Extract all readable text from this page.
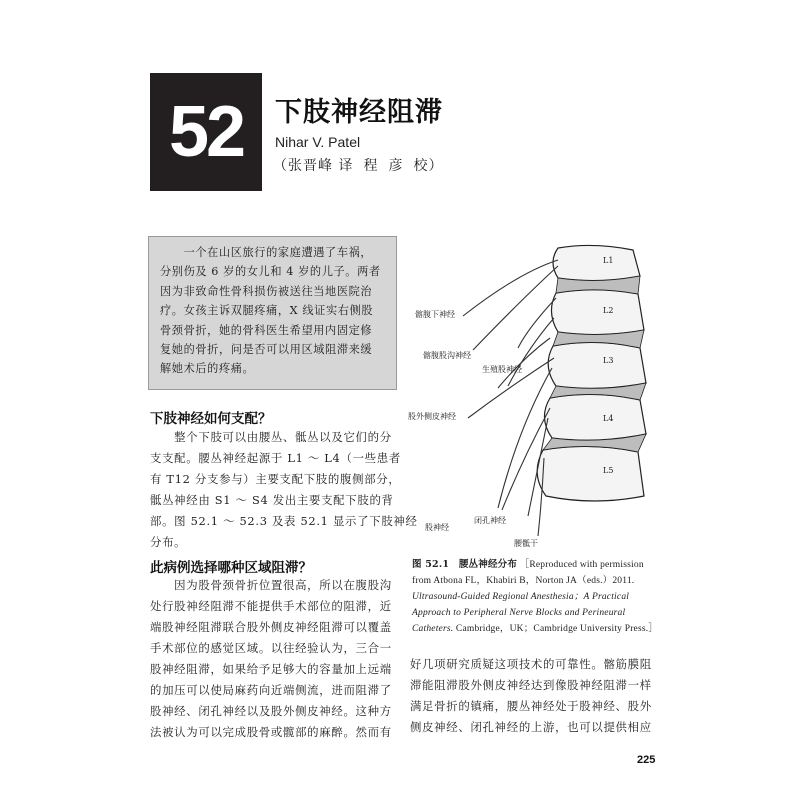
52	下肢神经阻滞
Nihar V. Patel
（张晋峰 译程彦校）
　　一个在山区旅行的家庭遭遇了车祸，
分别伤及 6 岁的女儿和 4 岁的儿子。两者
因为非致命性骨科损伤被送往当地医院治
疗。女孩主诉双腿疼痛，X 线证实右侧股
骨颈骨折，她的骨科医生希望用内固定修
复她的骨折，问是否可以用区域阻滞来缓
解她术后的疼痛。
下肢神经如何支配？
　　整个下肢可以由腰丛、骶丛以及它们的分
支支配。腰丛神经起源于 L1 ～ L4（一些患者
有 T12 分支参与）主要支配下肢的腹侧部分，
骶丛神经由 S1 ～ S4 发出主要支配下肢的背
部。图 52.1 ～ 52.3 及表 52.1 显示了下肢神经
分布。
此病例选择哪种区域阻滞？
　　因为股骨颈骨折位置很高，所以在腹股沟
处行股神经阻滞不能提供手术部位的阻滞，近
端股神经阻滞联合股外侧皮神经阻滞可以覆盖
手术部位的感觉区域。以往经验认为，三合一
股神经阻滞，如果给予足够大的容量加上远端
的加压可以使局麻药向近端侧流，进而阻滞了
股神经、闭孔神经以及股外侧皮神经。这种方
法被认为可以完成股骨或髋部的麻醉。然而有
L1
L2
L3
L4
L5
髂腹下神经
髂腹股沟神经
生殖股神经
股外侧皮神经
股神经
闭孔神经
腰骶干
图 52.1　 腰丛神经分布 ［Reproduced with permission
from Atbona FL，Khabiri B，Norton JA（eds.）2011.
Ultrasound-Guided Regional Anesthesia；A Practical
Approach to Peripheral Nerve Blocks and Perineural
Catheters. Cambridge，UK；Cambridge University Press.］
好几项研究质疑这项技术的可靠性。髂筋膜阻
滞能阻滞股外侧皮神经达到像股神经阻滞一样
满足骨折的镇痛，腰丛神经处于股神经、股外
侧皮神经、闭孔神经的上游，也可以提供相应
225
